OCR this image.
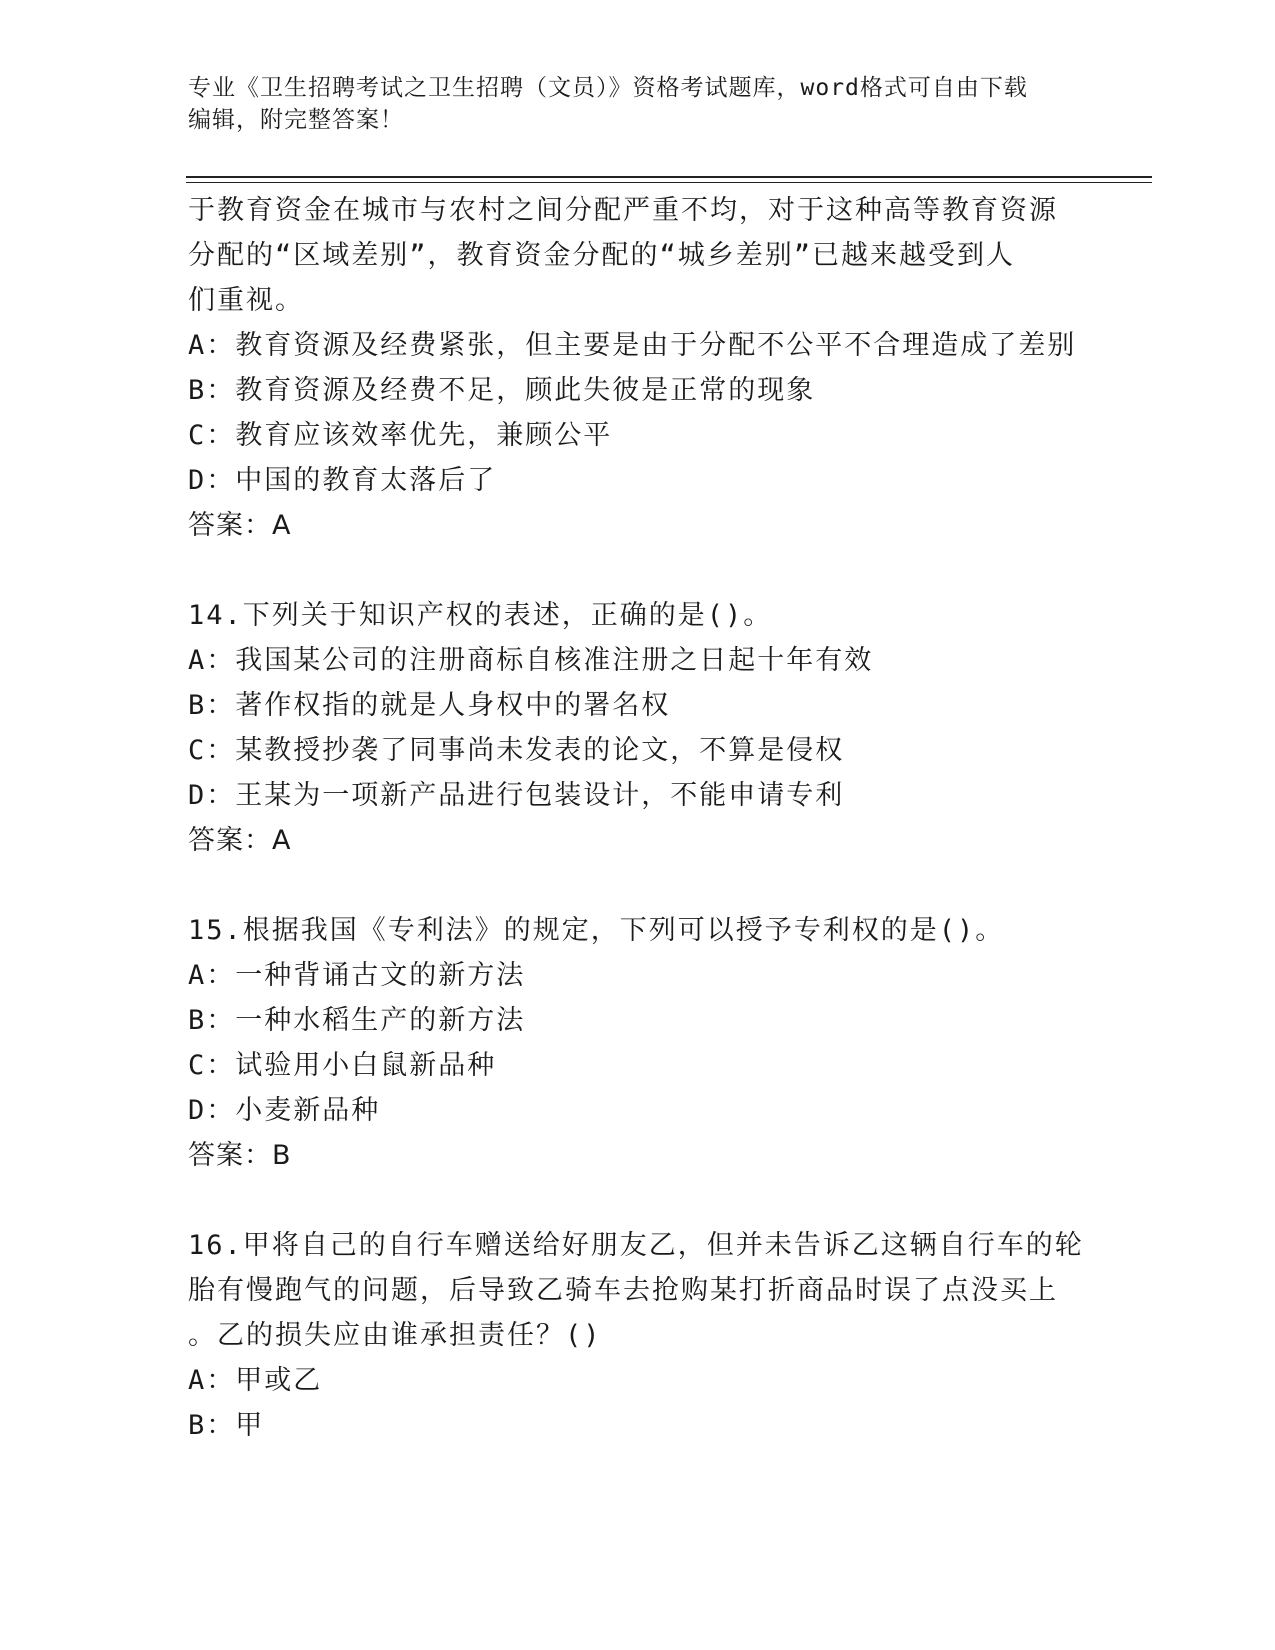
专业《卫生招聘考试之卫生招聘（文员）》资格考试题库，word格式可自由下载
编辑，附完整答案！
于教育资金在城市与农村之间分配严重不均，对于这种高等教育资源
分配的“区域差别”，教育资金分配的“城乡差别”已越来越受到人
们重视。
A：教育资源及经费紧张，但主要是由于分配不公平不合理造成了差别
B：教育资源及经费不足，顾此失彼是正常的现象
C：教育应该效率优先，兼顾公平
D：中国的教育太落后了
答案：A
14.下列关于知识产权的表述，正确的是()。
A：我国某公司的注册商标自核准注册之日起十年有效
B：著作权指的就是人身权中的署名权
C：某教授抄袭了同事尚未发表的论文，不算是侵权
D：王某为一项新产品进行包装设计，不能申请专利
答案：A
15.根据我国《专利法》的规定，下列可以授予专利权的是()。
A：一种背诵古文的新方法
B：一种水稻生产的新方法
C：试验用小白鼠新品种
D：小麦新品种
答案：B
16.甲将自己的自行车赠送给好朋友乙，但并未告诉乙这辆自行车的轮
胎有慢跑气的问题，后导致乙骑车去抢购某打折商品时误了点没买上
。乙的损失应由谁承担责任？()
A：甲或乙
B：甲
